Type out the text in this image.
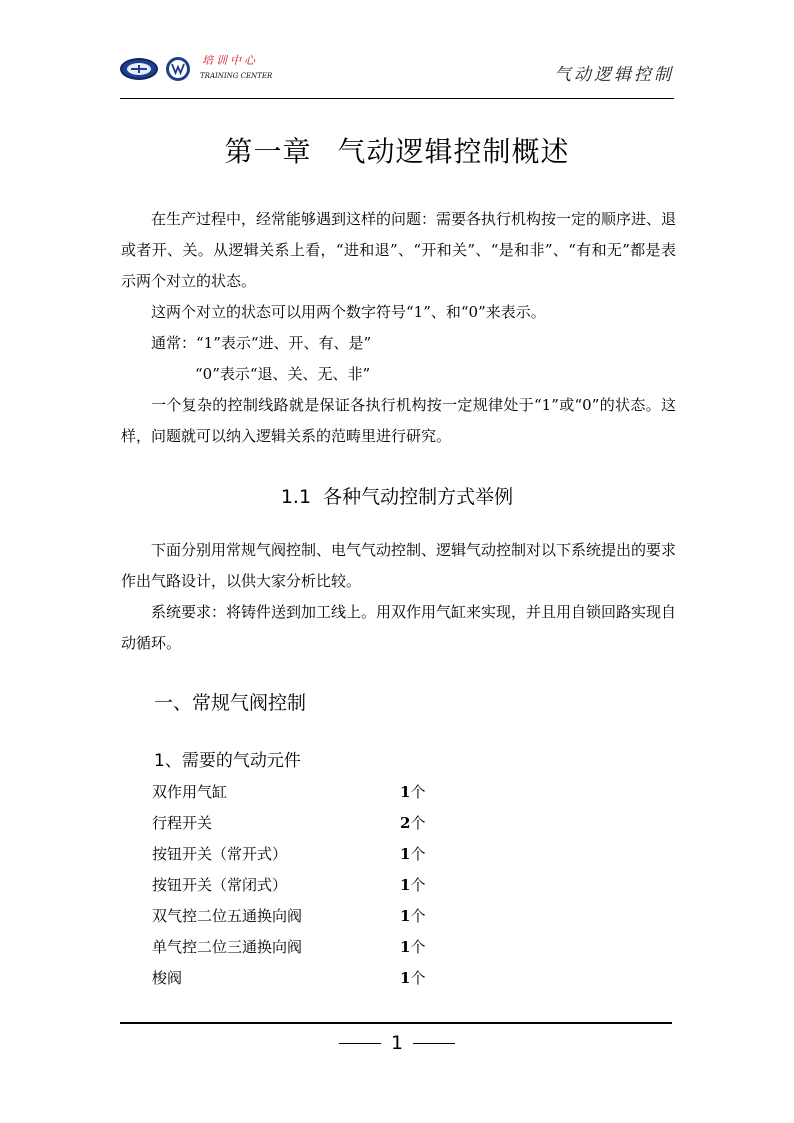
培训中心
TRAINING CENTER	气动逻辑控制
第一章 气动逻辑控制概述
在生产过程中，经常能够遇到这样的问题：需要各执行机构按一定的顺序进、退或者开、关。从逻辑关系上看，“进和退”、“开和关”、“是和非”、“有和无”都是表示两个对立的状态。
这两个对立的状态可以用两个数字符号“1”、和“0”来表示。
通常：“1”表示“进、开、有、是”
“0”表示“退、关、无、非”
一个复杂的控制线路就是保证各执行机构按一定规律处于“1”或“0”的状态。这样，问题就可以纳入逻辑关系的范畴里进行研究。
1.1 各种气动控制方式举例
下面分别用常规气阀控制、电气气动控制、逻辑气动控制对以下系统提出的要求作出气路设计，以供大家分析比较。
系统要求：将铸件送到加工线上。用双作用气缸来实现，并且用自锁回路实现自动循环。
一、常规气阀控制
1、需要的气动元件
双作用气缸	1个
行程开关	2个
按钮开关（常开式）	1个
按钮开关（常闭式）	1个
双气控二位五通换向阀	1个
单气控二位三通换向阀	1个
梭阀	1个
1
